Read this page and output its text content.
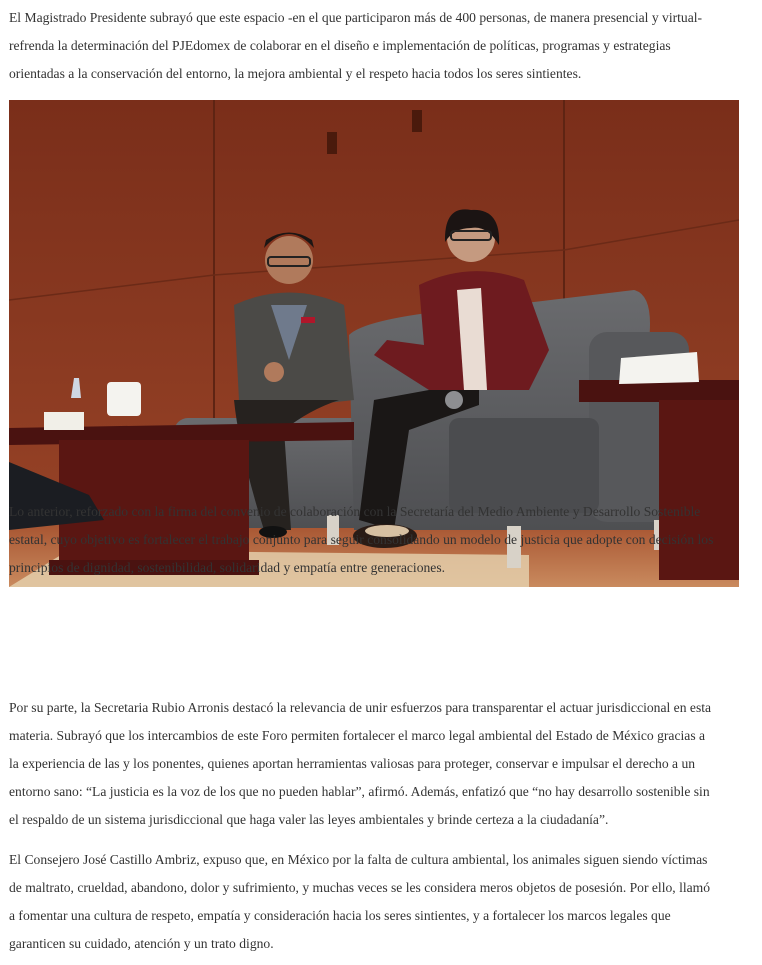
El Magistrado Presidente subrayó que este espacio -en el que participaron más de 400 personas, de manera presencial y virtual-
refrenda la determinación del PJEdomex de colaborar en el diseño e implementación de políticas, programas y estrategias
orientadas a la conservación del entorno, la mejora ambiental y el respeto hacia todos los seres sintientes.

Lo anterior, reforzado con la firma del convenio de colaboración con la Secretaría del Medio Ambiente y Desarrollo Sostenible
estatal, cuyo objetivo es fortalecer el trabajo conjunto para seguir consolidando un modelo de justicia que adopte con decisión los
principios de dignidad, sostenibilidad, solidaridad y empatía entre generaciones.

Por su parte, la Secretaria Rubio Arronis destacó la relevancia de unir esfuerzos para transparentar el actuar jurisdiccional en esta
materia. Subrayó que los intercambios de este Foro permiten fortalecer el marco legal ambiental del Estado de México gracias a
la experiencia de las y los ponentes, quienes aportan herramientas valiosas para proteger, conservar e impulsar el derecho a un
entorno sano: “La justicia es la voz de los que no pueden hablar”, afirmó. Además, enfatizó que “no hay desarrollo sostenible sin
el respaldo de un sistema jurisdiccional que haga valer las leyes ambientales y brinde certeza a la ciudadanía”.

El Consejero José Castillo Ambriz, expuso que, en México por la falta de cultura ambiental, los animales siguen siendo víctimas
de maltrato, crueldad, abandono, dolor y sufrimiento, y muchas veces se les considera meros objetos de posesión. Por ello, llamó
a fomentar una cultura de respeto, empatía y consideración hacia los seres sintientes, y a fortalecer los marcos legales que
garanticen su cuidado, atención y un trato digno.
